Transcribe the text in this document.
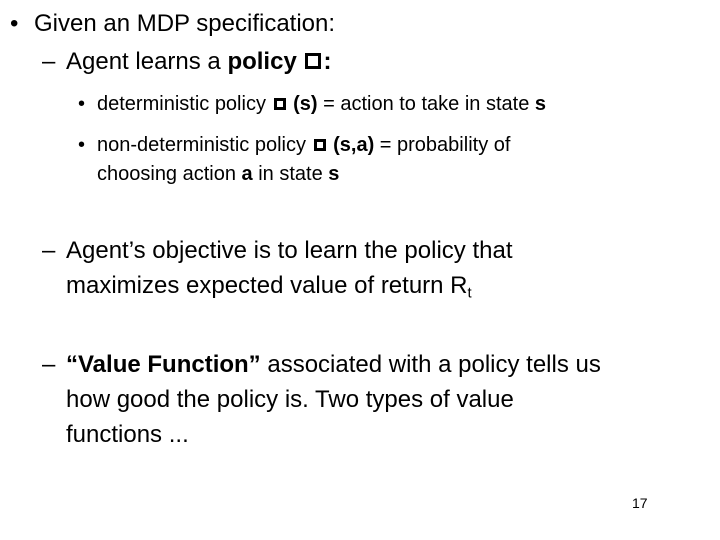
• Given an MDP specification:
– Agent learns a policy :
• deterministic policy (s) = action to take in state s
• non-deterministic policy (s,a) = probability of
choosing action a in state s
– Agent’s objective is to learn the policy that
maximizes expected value of return $R_t$
– “Value Function” associated with a policy tells us
how good the policy is. Two types of value
functions ...
17
